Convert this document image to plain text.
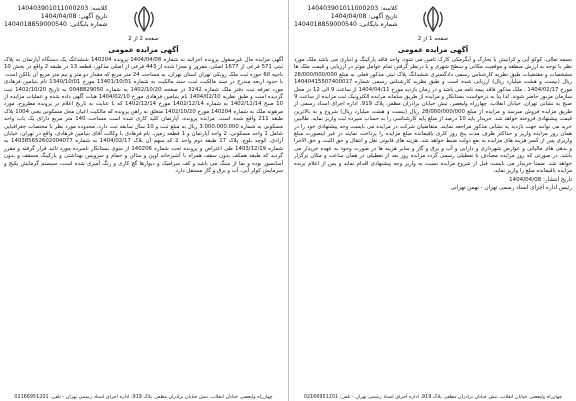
کلاسه: 140403901011000203
تاریخ آگهی: 1404/04/08
شماره بایگانی: 1404018859000540
صفحه 2 از 2
آگهی مزایده عمومی

آگهی مزایده مال غیرمنقول پرونده اجرائیه به شماره 1404/04/08 پرونده 140204 ششدانگ یک دستگاه آپارتمان به پلاک ثبتی 571 فرعی از 1677 اصلی، مفروز و مجزا شده از 443 فرعی از اصلی مذکور، قطعه 13 در طبقه 2 واقع در بخش 10 ناحیه 60 حوزه ثبت ملک روبکی تهران استان تهران، به مساحت 24 متر مربع که مقدار دو متر و نیم متر مربع آن بالکن است. با حدود اربعه مندرج در سند مالکیت ثبت، سند مالکیت به شماره 13401/10/01 مورخ 1340/10/01 نام بنیامین فرهادی مورد تعرفه ثبت دفتر ملک شماره 3242 در صفحه 1402/10/20 به شماره 0048829050 به تاریخ 1402/10/20 ثبت گردیده است و طبق نظریه 1404/02/10 نام بنیامین فرهادی مورخ 1404/02/10 هیات آگهی داده شده و عملیات مزایده از 10 صبح 1402/12/14 به شماره 1402/12/14 مورخ 1402/12/14 که با عنایت به تاریخ اعلام در پرونده مطروح، مورد مرهونه ملک به شماره 140204 مورخ 1402/10/20 متعلق به راهن پرونده که مالکیت اعیان محل مسکونی یعنی 1004 پلاک طبقه 211 واقع شده است. مزایده پرونده، آپارتمان کلید کاری شده است مساحت 140 متر مربع دارای یک باب واحد مسکونی به شماره 3.000.000.000 ریال به مبلغ ثبت و 10 سال سابقه ثبت دارد، محدوده مورد نظر با مختصات جغرافیایی شامل 1 واحد مسکونی، 2 واحد آپارتمان و 1 قطعه زمین، نام فرهادی با وکالت آقای بنیامین فرهادی، واقع در تهران، خیابان آزادی، کوچه بلوچ، پلاک 17 طبقه دوم واحد 2 که سهم آن بلاک 1404/02/17 به شماره 140385652602004077 به شماره 1403/12/19 طی اعتراض و پرونده تحت شماره 140206 از سوی بستانکار نامبرده مورد تائید قرار گرفته و مقرر گردید که طبقه همکف بدون سقف همراه با آشپزخانه اوپن و سالن و حمام و سرویس بهداشتی و پارکینگ مسقف و بدون آسانسور بوده و نما از سنگ می باشد و کف سرامیک و دیوارها گچ کاری و رنگ آمیزی شده است، سیستم گرمایش پکیج و سرمایش کولر آبی، آب و برق و گاز مستقل دارد.

چهارراه ولیعصر، خیابان انقلاب، نبش خیابان برادران مظفر، پلاک 919، اداره اجرای اسناد رسمی تهران - تلفن: 02166951201
کلاسه: 140403901011000203
تاریخ آگهی: 1404/04/08
شماره بایگانی: 1404018859000540
صفحه 1 از 2
آگهی مزایده عمومی

بسمه تعالی، کوکو آبی و کرانیش با بخارک و آیگرمکی کارک تامین می شود، واحد فاقد پارکینگ و انباری می باشد ملک مورد نظر با توجه به ارزش منطقه و موقعیت مکانی و سطح شهری و با درنظر گرفتن تمام عوامل موثر در ارزیابی و قیمت ملک ها مشخصات و مقتضیات طبق نظریه کارشناس رسمی دادگستری ششدانگ پلاک ثبتی مذکور فعلی به مبلغ 28/000/000/000 ریال (بیست و هشت میلیارد ریال) ارزیابی شده است و طبق نظریه کارشناس رسمی شماره 14040415507400017 مورخ 1404/02/17 ، ملک مذکور فاقد بیمه نامه می باشد و در زمان بازدید مورخ 1404/04/11 از ساعت 9 الی 12 در محل سازمان مزبور حاضر شوند. لذا بنا به درخواست بستانکار و مزایده از طریق سامانه مزایده الکترونیک ثبت مزایده از ساعت 9 صبح به نشانی تهران، خیابان انقلاب، چهارراه ولیعصر، نبش خیابان برادران مظفر، پلاک 919، اداره اجرای اسناد رسمی از طریق مزایده فروش میرسد و مزایده از مبلغ 28/000/000/000 ریال (بیست و هشت میلیارد ریال) شروع و به بالاترین قیمت پیشنهادی فروخته خواهد شد. خریدار باید 10 درصد از مبلغ پایه کارشناسی را به حساب سپرده ثبت واریز نماید. طالبین خرید می توانند جهت بازدید به نشانی مذکور مراجعه نمایند. متقاضیان شرکت در مزایده می بایست وجه پیشنهادی خود را در همان روز مزایده واریز و حداکثر ظرف مدت پنج روز کاری باقیمانده مبلغ مزایده را پرداخت نمایند در غیر اینصورت مبلغ واریزی پس از کسر هزینه های مزایده به نفع دولت ضبط خواهد شد. هزینه های قانونی نقل و انتقال و حق الثبت و حق الاجرا و بدهی های مالیاتی و عوارض شهرداری و دارایی و آب و برق و گاز و سایر هزینه ها در صورت وجود به عهده خریدار می باشد. در صورتی که روز مزایده مصادف با تعطیلی رسمی گردد مزایده روز بعد از تعطیلی در همان ساعت و مکان برگزار خواهد شد. ضمنا خریدار می بایست قبل از شروع مزایده نسبت به واریز وجه پیشنهادی اقدام نماید و پس از اعلام برنده مزایده باقیمانده مبلغ را واریز نماید.

تاریخ انتشار: 1404/04/08
رئیس اداره اجرای اسناد رسمی تهران - بهمن تهرانی
چهارراه ولیعصر، خیابان انقلاب، نبش خیابان برادران مظفر، پلاک 919، اداره اجرای اسناد رسمی تهران - تلفن: 02166951201
